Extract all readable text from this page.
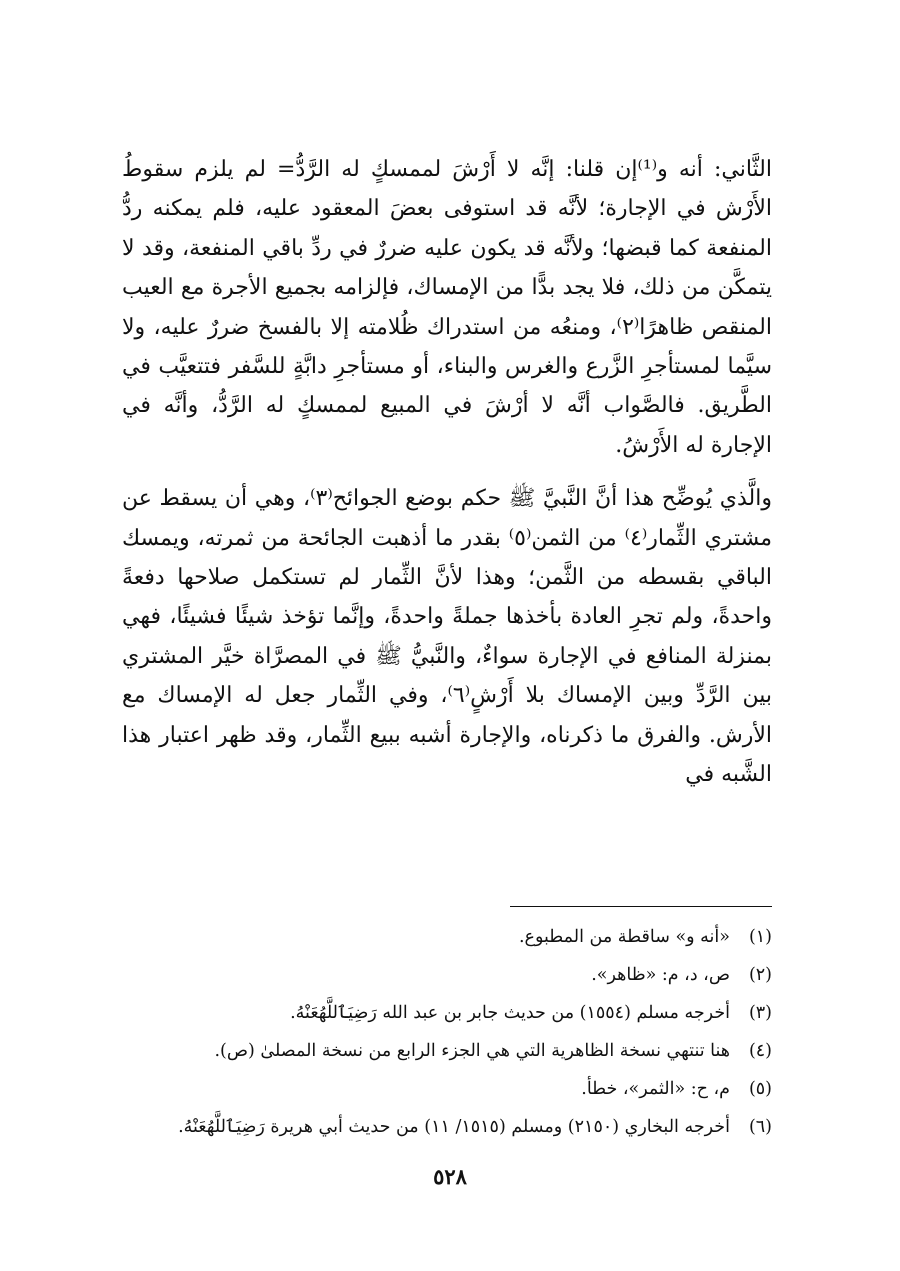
الثَّاني: أنه و⁽¹⁾إن قلنا: إنَّه لا أَرْشَ لممسكٍ له الرَّدُّ= لم يلزم سقوطُ الأَرْش في الإجارة؛ لأنَّه قد استوفى بعضَ المعقود عليه، فلم يمكنه ردُّ المنفعة كما قبضها؛ ولأنَّه قد يكون عليه ضررٌ في ردِّ باقي المنفعة، وقد لا يتمكَّن من ذلك، فلا يجد بدًّا من الإمساك، فإلزامه بجميع الأجرة مع العيب المنقص ظاهرًا⁽٢⁾، ومنعُه من استدراك ظُلامته إلا بالفسخ ضررٌ عليه، ولا سيَّما لمستأجرِ الزَّرع والغرس والبناء، أو مستأجرِ دابَّةٍ للسَّفر فتتعيَّب في الطَّريق. فالصَّواب أنَّه لا أرْشَ في المبيع لممسكٍ له الرَّدُّ، وأنَّه في الإجارة له الأَرْشُ.

والَّذي يُوضِّح هذا أنَّ النَّبيَّ ﷺ حكم بوضع الجوائح⁽٣⁾، وهي أن يسقط عن مشتري الثِّمار⁽٤⁾ من الثمن⁽٥⁾ بقدر ما أذهبت الجائحة من ثمرته، ويمسك الباقي بقسطه من الثَّمن؛ وهذا لأنَّ الثِّمار لم تستكمل صلاحها دفعةً واحدةً، ولم تجرِ العادة بأخذها جملةً واحدةً، وإنَّما تؤخذ شيئًا فشيئًا، فهي بمنزلة المنافع في الإجارة سواءٌ، والنَّبيُّ ﷺ في المصرَّاة خيَّر المشتري بين الرَّدِّ وبين الإمساك بلا أَرْشٍ⁽٦⁾، وفي الثِّمار جعل له الإمساك مع الأرش. والفرق ما ذكرناه، والإجارة أشبه ببيع الثِّمار، وقد ظهر اعتبار هذا الشَّبه في

(١)«أنه و» ساقطة من المطبوع.
(٢)ص، د، م: «ظاهر».
(٣)أخرجه مسلم (١٥٥٤) من حديث جابر بن عبد الله رَضِيَٱللَّهُعَنْهُ.
(٤)هنا تنتهي نسخة الظاهرية التي هي الجزء الرابع من نسخة المصلىٰ (ص).
(٥)م، ح: «الثمر»، خطأ.
(٦)أخرجه البخاري (٢١٥٠) ومسلم (١٥١٥/ ١١) من حديث أبي هريرة رَضِيَٱللَّهُعَنْهُ.
٥٢٨
